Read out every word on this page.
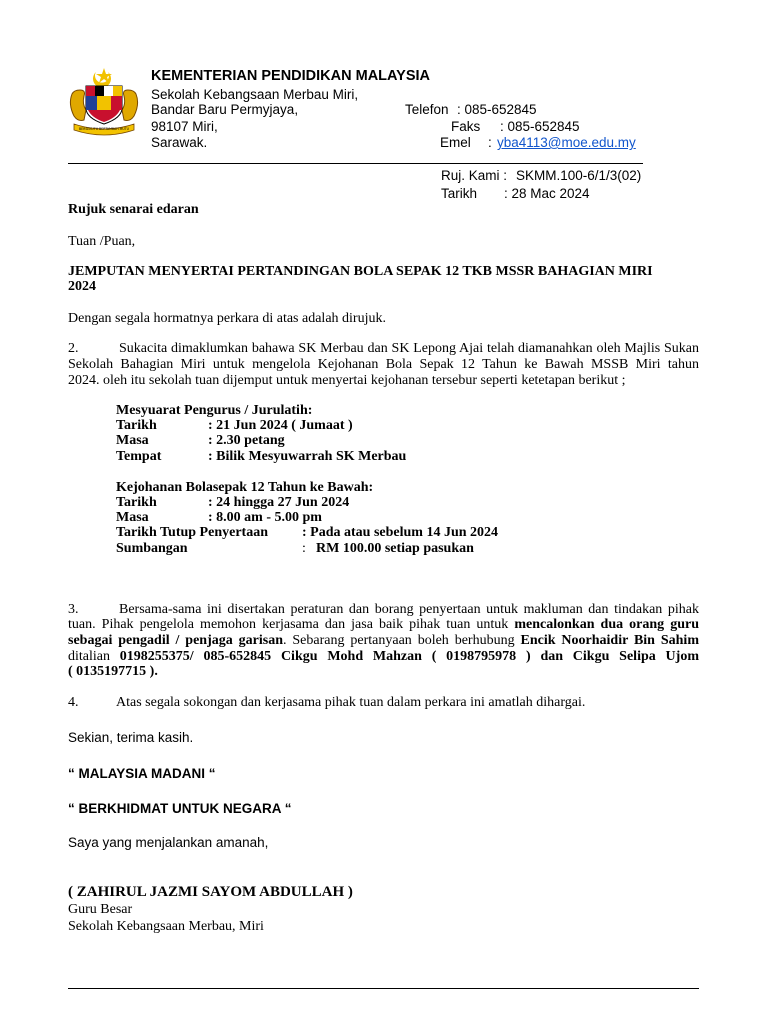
BERSEKUTU BERTAMBAH MUTU
KEMENTERIAN PENDIDIKAN MALAYSIA
Sekolah Kebangsaan Merbau Miri,
Bandar Baru Permyjaya,
98107 Miri,
Sarawak.
Telefon : 085-652845
Faks : 085-652845
Emel : yba4113@moe.edu.my
Ruj. Kami : SKMM.100-6/1/3(02)
Tarikh : 28 Mac 2024
Rujuk senarai edaran
Tuan /Puan,
JEMPUTAN MENYERTAI PERTANDINGAN BOLA SEPAK 12 TKB MSSR BAHAGIAN MIRI
2024
Dengan segala hormatnya perkara di atas adalah dirujuk.
2.	Sukacita dimaklumkan bahawa SK Merbau dan SK Lepong Ajai telah diamanahkan oleh Majlis Sukan
Sekolah Bahagian Miri untuk mengelola Kejohanan Bola Sepak 12 Tahun ke Bawah MSSB Miri tahun
2024. oleh itu sekolah tuan dijemput untuk menyertai kejohanan tersebur seperti ketetapan berikut ;
Mesyuarat Pengurus / Jurulatih:
Tarikh	: 21 Jun 2024 ( Jumaat )
Masa	: 2.30 petang
Tempat	: Bilik Mesyuwarrah SK Merbau
Kejohanan Bolasepak 12 Tahun ke Bawah:
Tarikh	: 24 hingga 27 Jun 2024
Masa	: 8.00 am - 5.00 pm
Tarikh Tutup Penyertaan : Pada atau sebelum 14 Jun 2024
Sumbangan	: RM 100.00 setiap pasukan
3.	Bersama-sama ini disertakan peraturan dan borang penyertaan untuk makluman dan tindakan pihak
tuan. Pihak pengelola memohon kerjasama dan jasa baik pihak tuan untuk mencalonkan dua orang guru
sebagai pengadil / penjaga garisan. Sebarang pertanyaan boleh berhubung Encik Noorhaidir Bin Sahim
ditalian 0198255375/ 085-652845 Cikgu Mohd Mahzan ( 0198795978 ) dan Cikgu Selipa Ujom
( 0135197715 ).
4.	Atas segala sokongan dan kerjasama pihak tuan dalam perkara ini amatlah dihargai.
Sekian, terima kasih.
“ MALAYSIA MADANI “
“ BERKHIDMAT UNTUK NEGARA “
Saya yang menjalankan amanah,
( ZAHIRUL JAZMI SAYOM ABDULLAH )
Guru Besar
Sekolah Kebangsaan Merbau, Miri
